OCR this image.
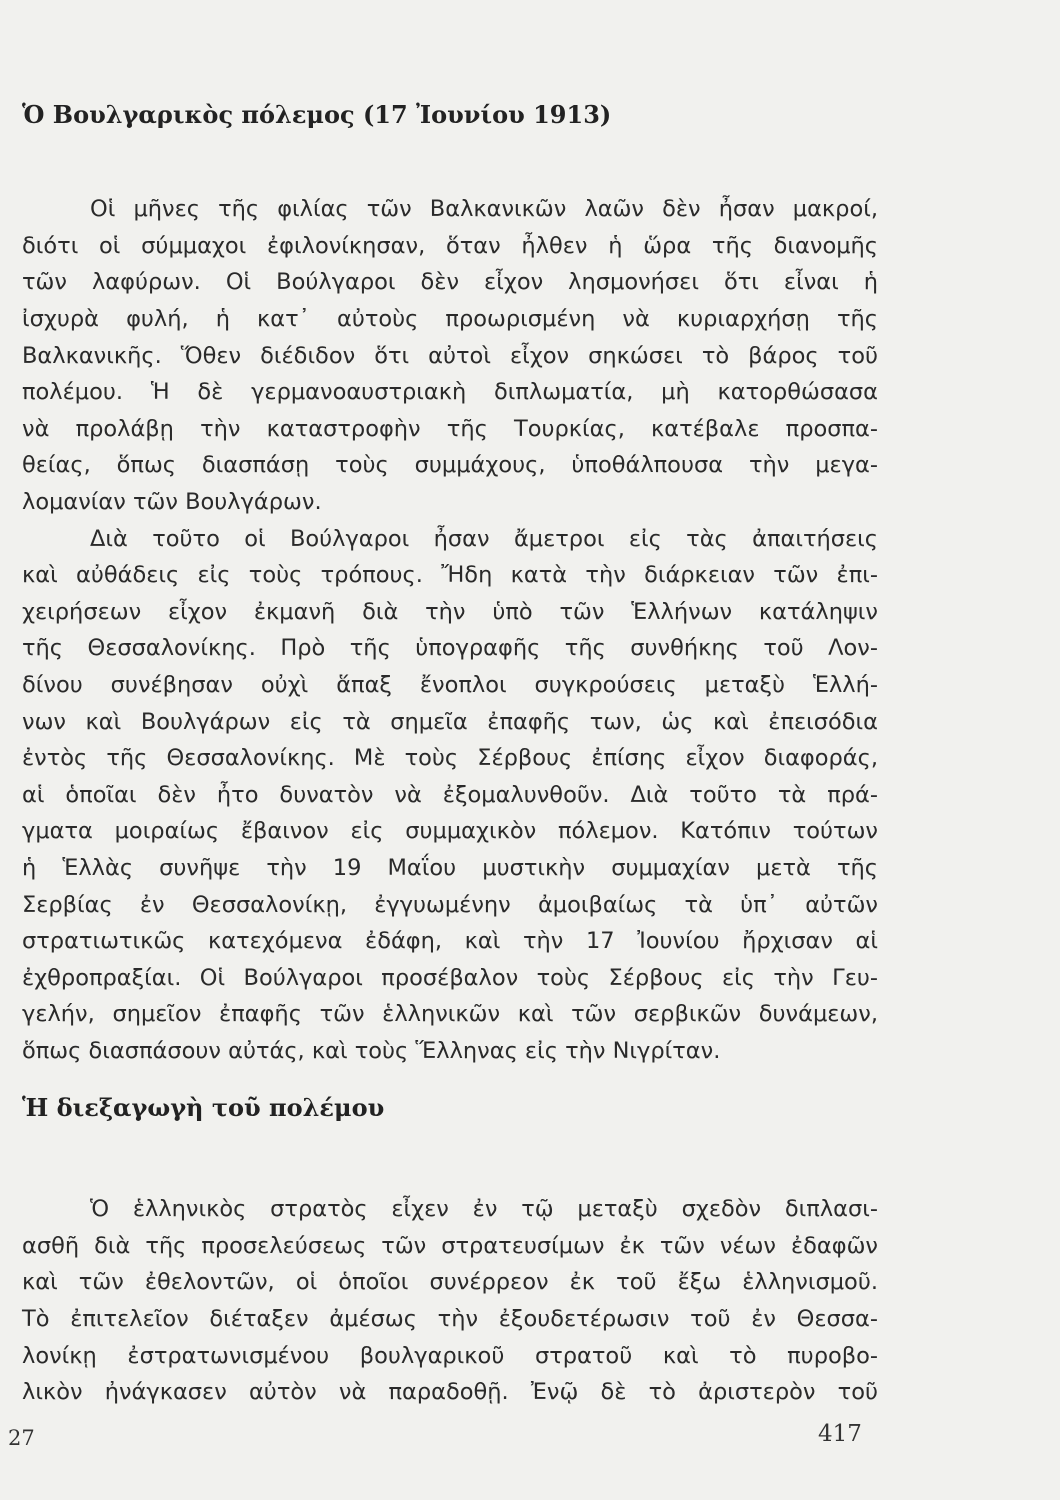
Ὁ Βουλγαρικὸς πόλεμος (17 Ἰουνίου 1913)
Οἱ μῆνες τῆς φιλίας τῶν Βαλκανικῶν λαῶν δὲν ἦσαν μακροί,
διότι οἱ σύμμαχοι ἐφιλονίκησαν, ὅταν ἦλθεν ἡ ὥρα τῆς διανομῆς
τῶν λαφύρων. Οἱ Βούλγαροι δὲν εἶχον λησμονήσει ὅτι εἶναι ἡ
ἰσχυρὰ φυλή, ἡ κατ᾽ αὐτοὺς προωρισμένη νὰ κυριαρχήσῃ τῆς
Βαλκανικῆς. Ὅθεν διέδιδον ὅτι αὐτοὶ εἶχον σηκώσει τὸ βάρος τοῦ
πολέμου. Ἡ δὲ γερμανοαυστριακὴ διπλωματία, μὴ κατορθώσασα
νὰ προλάβῃ τὴν καταστροφὴν τῆς Τουρκίας, κατέβαλε προσπα-
θείας, ὅπως διασπάσῃ τοὺς συμμάχους, ὑποθάλπουσα τὴν μεγα-
λομανίαν τῶν Βουλγάρων.
Διὰ τοῦτο οἱ Βούλγαροι ἦσαν ἄμετροι εἰς τὰς ἀπαιτήσεις
καὶ αὐθάδεις εἰς τοὺς τρόπους. Ἤδη κατὰ τὴν διάρκειαν τῶν ἐπι-
χειρήσεων εἶχον ἐκμανῆ διὰ τὴν ὑπὸ τῶν Ἑλλήνων κατάληψιν
τῆς Θεσσαλονίκης. Πρὸ τῆς ὑπογραφῆς τῆς συνθήκης τοῦ Λον-
δίνου συνέβησαν οὐχὶ ἅπαξ ἔνοπλοι συγκρούσεις μεταξὺ Ἑλλή-
νων καὶ Βουλγάρων εἰς τὰ σημεῖα ἐπαφῆς των, ὡς καὶ ἐπεισόδια
ἐντὸς τῆς Θεσσαλονίκης. Μὲ τοὺς Σέρβους ἐπίσης εἶχον διαφοράς,
αἱ ὁποῖαι δὲν ἦτο δυνατὸν νὰ ἐξομαλυνθοῦν. Διὰ τοῦτο τὰ πρά-
γματα μοιραίως ἔβαινον εἰς συμμαχικὸν πόλεμον. Κατόπιν τούτων
ἡ Ἑλλὰς συνῆψε τὴν 19 Μαΐου μυστικὴν συμμαχίαν μετὰ τῆς
Σερβίας ἐν Θεσσαλονίκῃ, ἐγγυωμένην ἀμοιβαίως τὰ ὑπ᾽ αὐτῶν
στρατιωτικῶς κατεχόμενα ἐδάφη, καὶ τὴν 17 Ἰουνίου ἤρχισαν αἱ
ἐχθροπραξίαι. Οἱ Βούλγαροι προσέβαλον τοὺς Σέρβους εἰς τὴν Γευ-
γελήν, σημεῖον ἐπαφῆς τῶν ἑλληνικῶν καὶ τῶν σερβικῶν δυνάμεων,
ὅπως διασπάσουν αὐτάς, καὶ τοὺς Ἕλληνας εἰς τὴν Νιγρίταν.
Ἡ διεξαγωγὴ τοῦ πολέμου
Ὁ ἑλληνικὸς στρατὸς εἶχεν ἐν τῷ μεταξὺ σχεδὸν διπλασι-
ασθῆ διὰ τῆς προσελεύσεως τῶν στρατευσίμων ἐκ τῶν νέων ἐδαφῶν
καὶ τῶν ἐθελοντῶν, οἱ ὁποῖοι συνέρρεον ἐκ τοῦ ἔξω ἑλληνισμοῦ.
Τὸ ἐπιτελεῖον διέταξεν ἀμέσως τὴν ἐξουδετέρωσιν τοῦ ἐν Θεσσα-
λονίκῃ ἐστρατωνισμένου βουλγαρικοῦ στρατοῦ καὶ τὸ πυροβο-
λικὸν ἠνάγκασεν αὐτὸν νὰ παραδοθῇ. Ἐνῷ δὲ τὸ ἀριστερὸν τοῦ
27	417
